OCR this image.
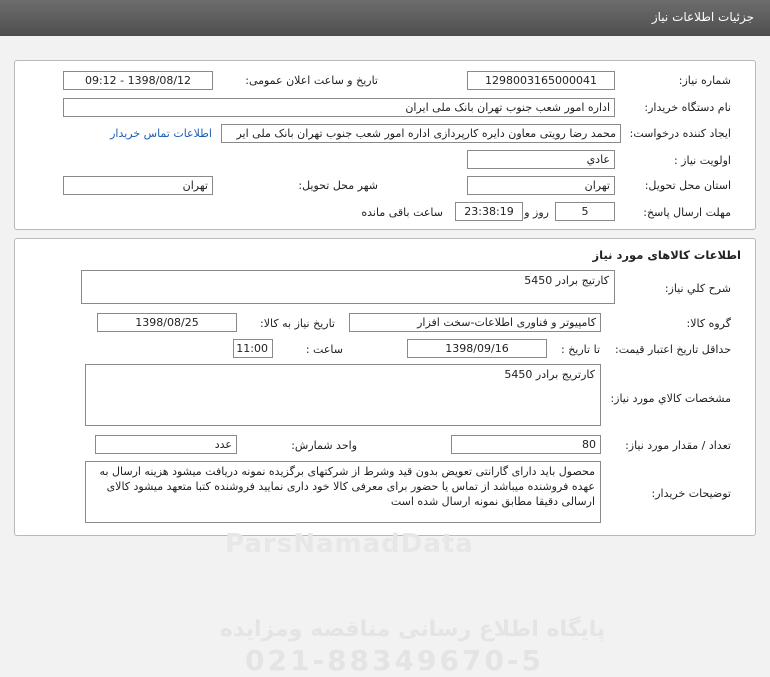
جزئیات اطلاعات نیاز
شماره نیاز:
1298003165000041
تاریخ و ساعت اعلان عمومی:
1398/08/12 - 09:12
نام دستگاه خریدار:
اداره امور شعب جنوب تهران بانک ملی ایران
ایجاد کننده درخواست:
محمد رضا رویتی معاون دایره کارپردازی اداره امور شعب جنوب تهران بانک ملی ایر
اطلاعات تماس خریدار
اولویت نیاز :
عادي
استان محل تحویل:
تهران
شهر محل تحویل:
تهران
مهلت ارسال پاسخ:
5
روز و
23:38:19
ساعت باقی مانده
ParsNamadData
پایگاه اطلاع رسانی مناقصه ومزایده
021-88349670-5
اطلاعات کالاهای مورد نیاز
شرح کلي نياز:
کارتیج برادر 5450
گروه کالا:
کامپیوتر و فناوری اطلاعات-سخت افزار
تاریخ نیاز به کالا:
1398/08/25
حداقل تاریخ اعتبار قیمت:
تا تاریخ :
1398/09/16
ساعت :
11:00
مشخصات کالاي مورد نياز:
کارتریج برادر 5450
تعداد / مقدار مورد نیاز:
80
واحد شمارش:
عدد
توضیحات خریدار:
محصول باید دارای گارانتی تعویض بدون قید وشرط از شرکتهای برگزیده نمونه دریافت میشود هزینه ارسال به عهده فروشنده میباشد از تماس یا حضور برای معرفی کالا خود داری نمایید فروشنده کتبا متعهد میشود کالای ارسالی دقیقا مطابق نمونه ارسال شده است
